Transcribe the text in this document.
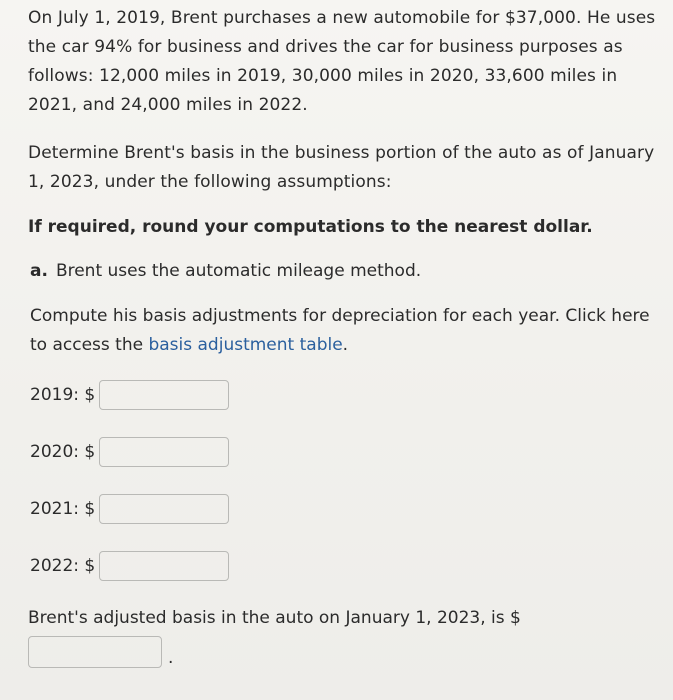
On July 1, 2019, Brent purchases a new automobile for $37,000. He uses the car 94% for business and drives the car for business purposes as follows: 12,000 miles in 2019, 30,000 miles in 2020, 33,600 miles in 2021, and 24,000 miles in 2022.

Determine Brent's basis in the business portion of the auto as of January 1, 2023, under the following assumptions:

If required, round your computations to the nearest dollar.

a. Brent uses the automatic mileage method.

Compute his basis adjustments for depreciation for each year. Click here to access the basis adjustment table.

2019: $
2020: $
2021: $
2022: $

Brent's adjusted basis in the auto on January 1, 2023, is $

.
